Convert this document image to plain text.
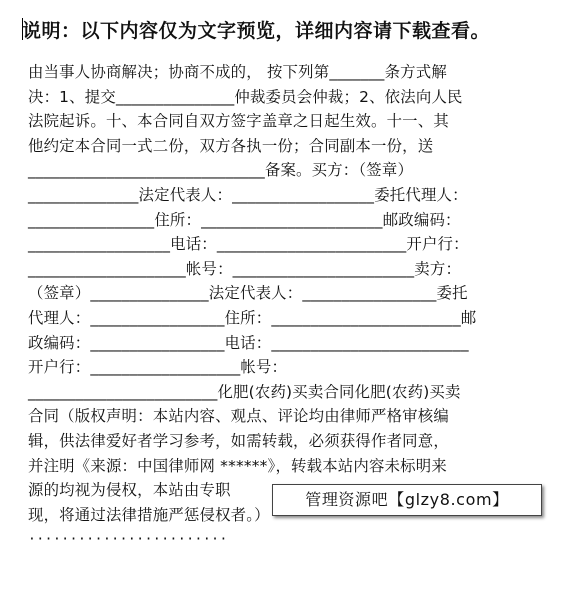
说明：以下内容仅为文字预览，详细内容请下载查看。
由当事人协商解决；协商不成的， 按下列第_______条方式解
决：1、提交_______________仲裁委员会仲裁；2、依法向人民
法院起诉。十、本合同自双方签字盖章之日起生效。十一、其
他约定本合同一式二份，双方各执一份；合同副本一份，送
______________________________备案。买方：（签章）
______________法定代表人：__________________委托代理人：
________________住所：_______________________邮政编码：
__________________电话：________________________开户行：
____________________帐号：_______________________卖方：
（签章）_______________法定代表人：_________________委托
代理人：_________________住所：________________________邮
政编码：_________________电话：_________________________
开户行：___________________帐号：
________________________化肥(农药)买卖合同化肥(农药)买卖
合同（版权声明：本站内容、观点、评论均由律师严格审核编
辑，供法律爱好者学习参考，如需转载，必须获得作者同意，
并注明《来源：中国律师网 ******》，转载本站内容未标明来
源的均视为侵权，本站由专职
现，将通过法律措施严惩侵权者。）
管理资源吧【glzy8.com】
························
